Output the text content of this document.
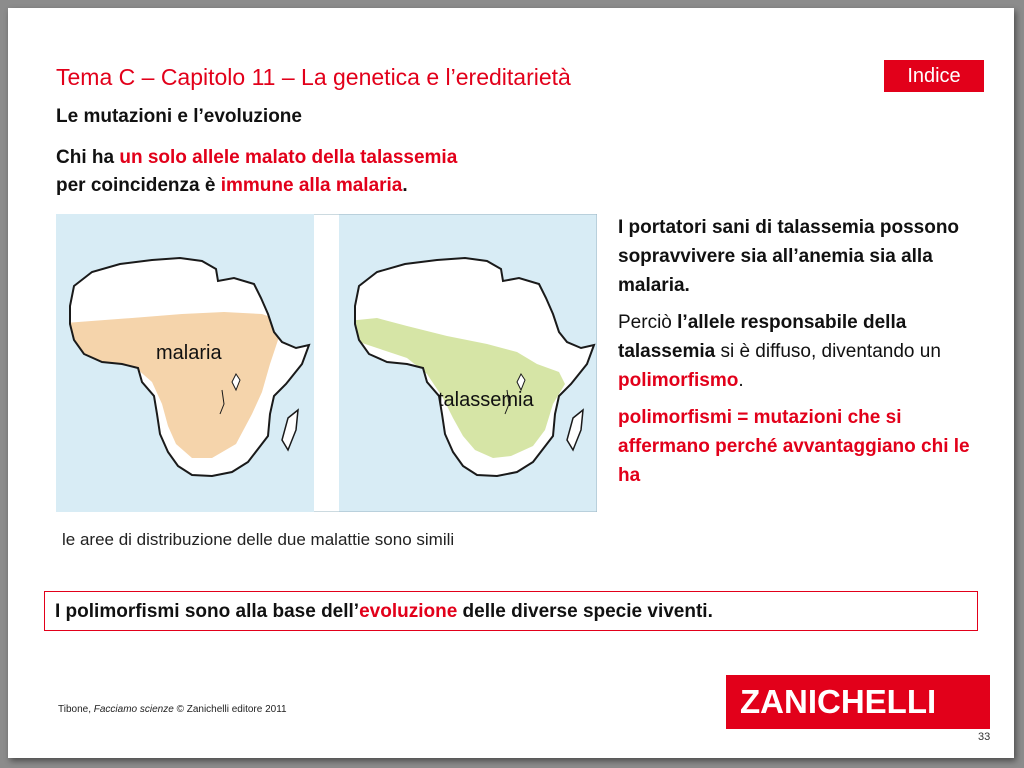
Tema C – Capitolo 11 – La genetica e l’ereditarietà	Indice
Le mutazioni e l’evoluzione
Chi ha un solo allele malato della talassemia
per coincidenza è immune alla malaria.
malaria
talassemia
le aree di distribuzione delle due malattie sono simili

I portatori sani di talassemia possono sopravvivere sia all’anemia sia alla malaria.

Perciò l’allele responsabile della talassemia si è diffuso, diventando un polimorfismo.

polimorfismi = mutazioni che si affermano perché avvantaggiano chi le ha

I polimorfismi sono alla base dell’evoluzione delle diverse specie viventi.
Tibone, Facciamo scienze © Zanichelli editore 2011	ZANICHELLI
33
